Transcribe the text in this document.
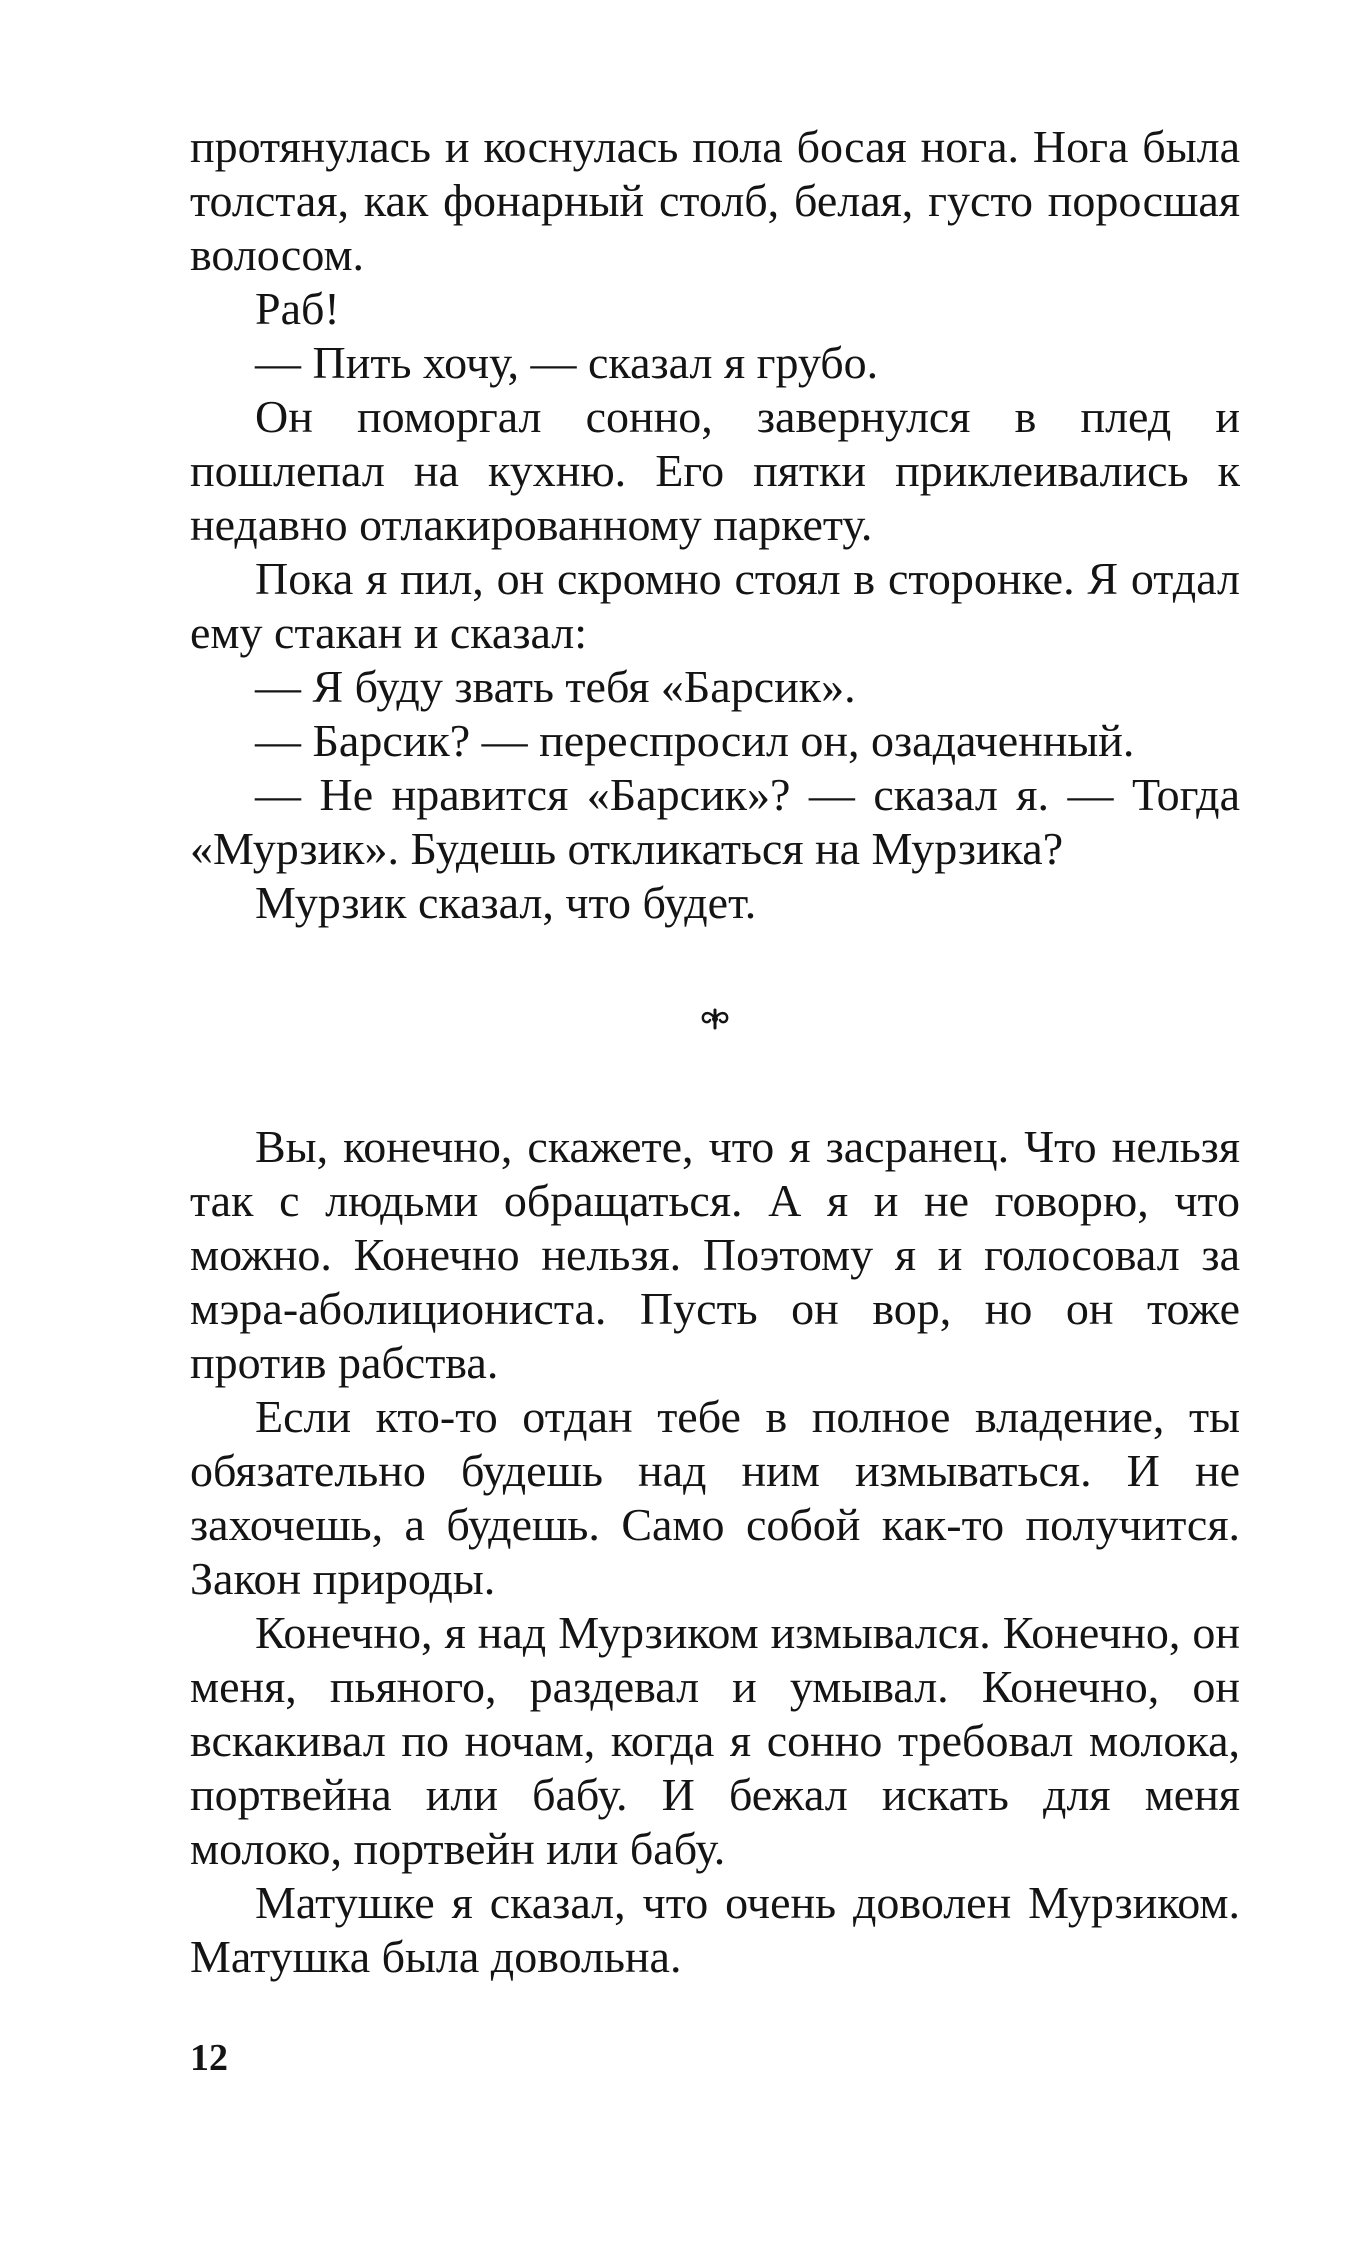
протянулась и коснулась пола босая нога. Нога была толстая, как фонарный столб, белая, густо поросшая волосом.

Раб!

— Пить хочу, — сказал я грубо.

Он поморгал сонно, завернулся в плед и пошлепал на кухню. Его пятки приклеивались к недавно отлакированному паркету.

Пока я пил, он скромно стоял в сторонке. Я отдал ему стакан и сказал:

— Я буду звать тебя «Барсик».

— Барсик? — переспросил он, озадаченный.

— Не нравится «Барсик»? — сказал я. — Тогда «Мурзик». Будешь откликаться на Мурзика?

Мурзик сказал, что будет.

Вы, конечно, скажете, что я засранец. Что нельзя так с людьми обращаться. А я и не говорю, что можно. Конечно нельзя. Поэтому я и голосовал за мэра-аболициониста. Пусть он вор, но он тоже против рабства.

Если кто-то отдан тебе в полное владение, ты обязательно будешь над ним измываться. И не захочешь, а будешь. Само собой как-то получится. Закон природы.

Конечно, я над Мурзиком измывался. Конечно, он меня, пьяного, раздевал и умывал. Конечно, он вскакивал по ночам, когда я сонно требовал молока, портвейна или бабу. И бежал искать для меня молоко, портвейн или бабу.

Матушке я сказал, что очень доволен Мурзиком. Матушка была довольна.

12
